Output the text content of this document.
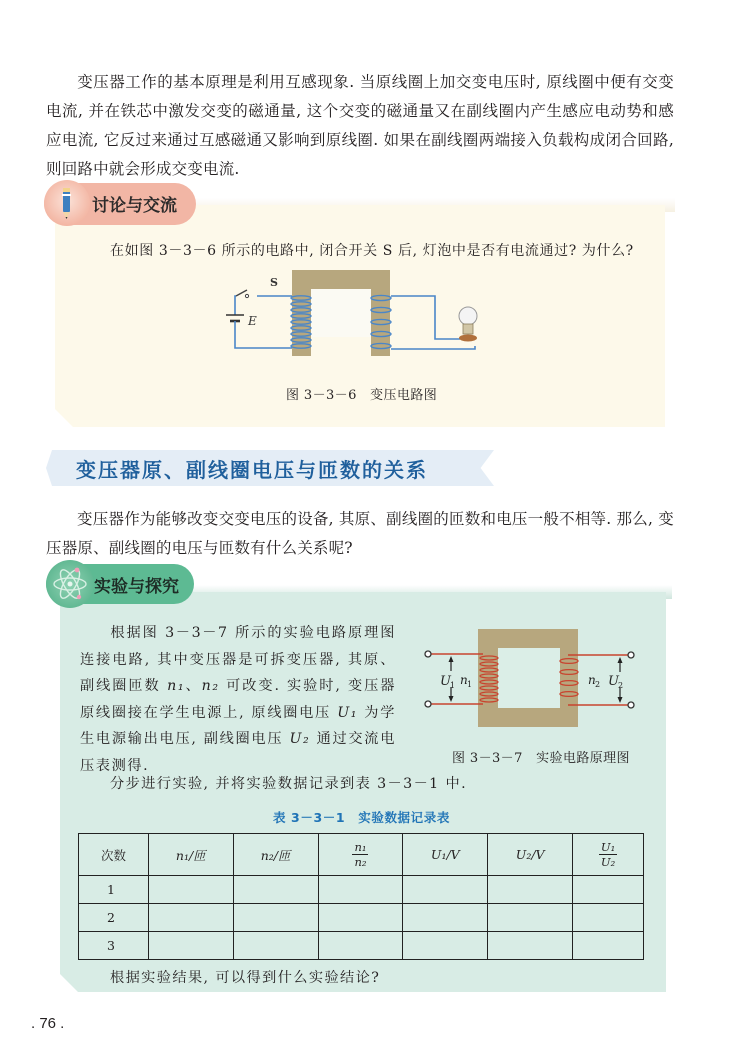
变压器工作的基本原理是利用互感现象. 当原线圈上加交变电压时, 原线圈中便有交变电流, 并在铁芯中激发交变的磁通量, 这个交变的磁通量又在副线圈内产生感应电动势和感应电流, 它反过来通过互感磁通又影响到原线圈. 如果在副线圈两端接入负载构成闭合回路, 则回路中就会形成交变电流.

讨论与交流
在如图 3－3－6 所示的电路中, 闭合开关 S 后, 灯泡中是否有电流通过? 为什么?
S
E
图 3－3－6　变压电路图
变压器原、副线圈电压与匝数的关系

变压器作为能够改变交变电压的设备, 其原、副线圈的匝数和电压一般不相等. 那么, 变压器原、副线圈的电压与匝数有什么关系呢?

实验与探究

根据图 3－3－7 所示的实验电路原理图连接电路, 其中变压器是可拆变压器, 其原、副线圈匝数 n₁、n₂ 可改变. 实验时, 变压器原线圈接在学生电源上, 原线圈电压 U₁ 为学生电源输出电压, 副线圈电压 U₂ 通过交流电压表测得.

U 1 n 1	n 2 U 2
图 3－3－7　实验电路原理图
分步进行实验, 并将实验数据记录到表 3－3－1 中.
表 3－3－1　实验数据记录表
次数	n₁/匝	n₂/匝	$\frac{\text{n₁}}{\text{n₂}}$	U₁/V	U₂/V	$\frac{\text{U₁}}{\text{U₂}}$

1						
2						
3						
根据实验结果, 可以得到什么实验结论?
. 76 .
